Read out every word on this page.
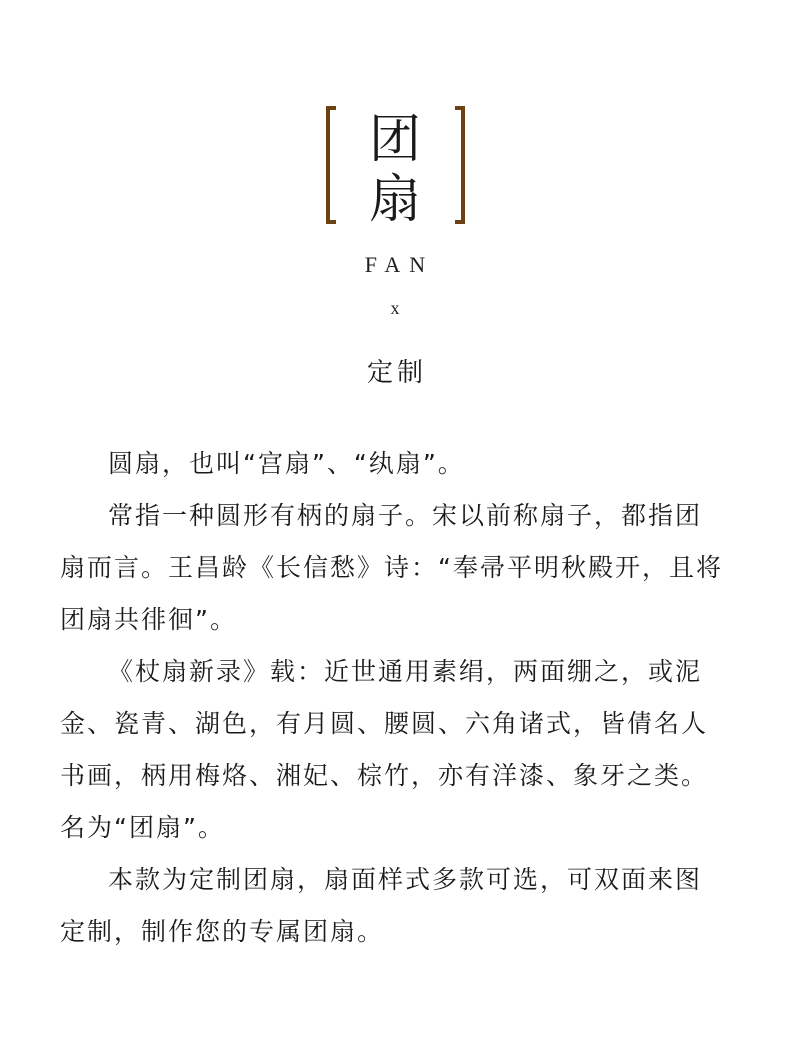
团
扇
FAN
x
定制

圆扇，也叫“宫扇”、“纨扇”。

常指一种圆形有柄的扇子。宋以前称扇子，都指团扇而言。王昌龄《长信愁》诗：“奉帚平明秋殿开，且将团扇共徘徊”。

《杖扇新录》载：近世通用素绢，两面绷之，或泥金、瓷青、湖色，有月圆、腰圆、六角诸式，皆倩名人书画，柄用梅烙、湘妃、棕竹，亦有洋漆、象牙之类。名为“团扇”。

本款为定制团扇，扇面样式多款可选，可双面来图定制，制作您的专属团扇。
